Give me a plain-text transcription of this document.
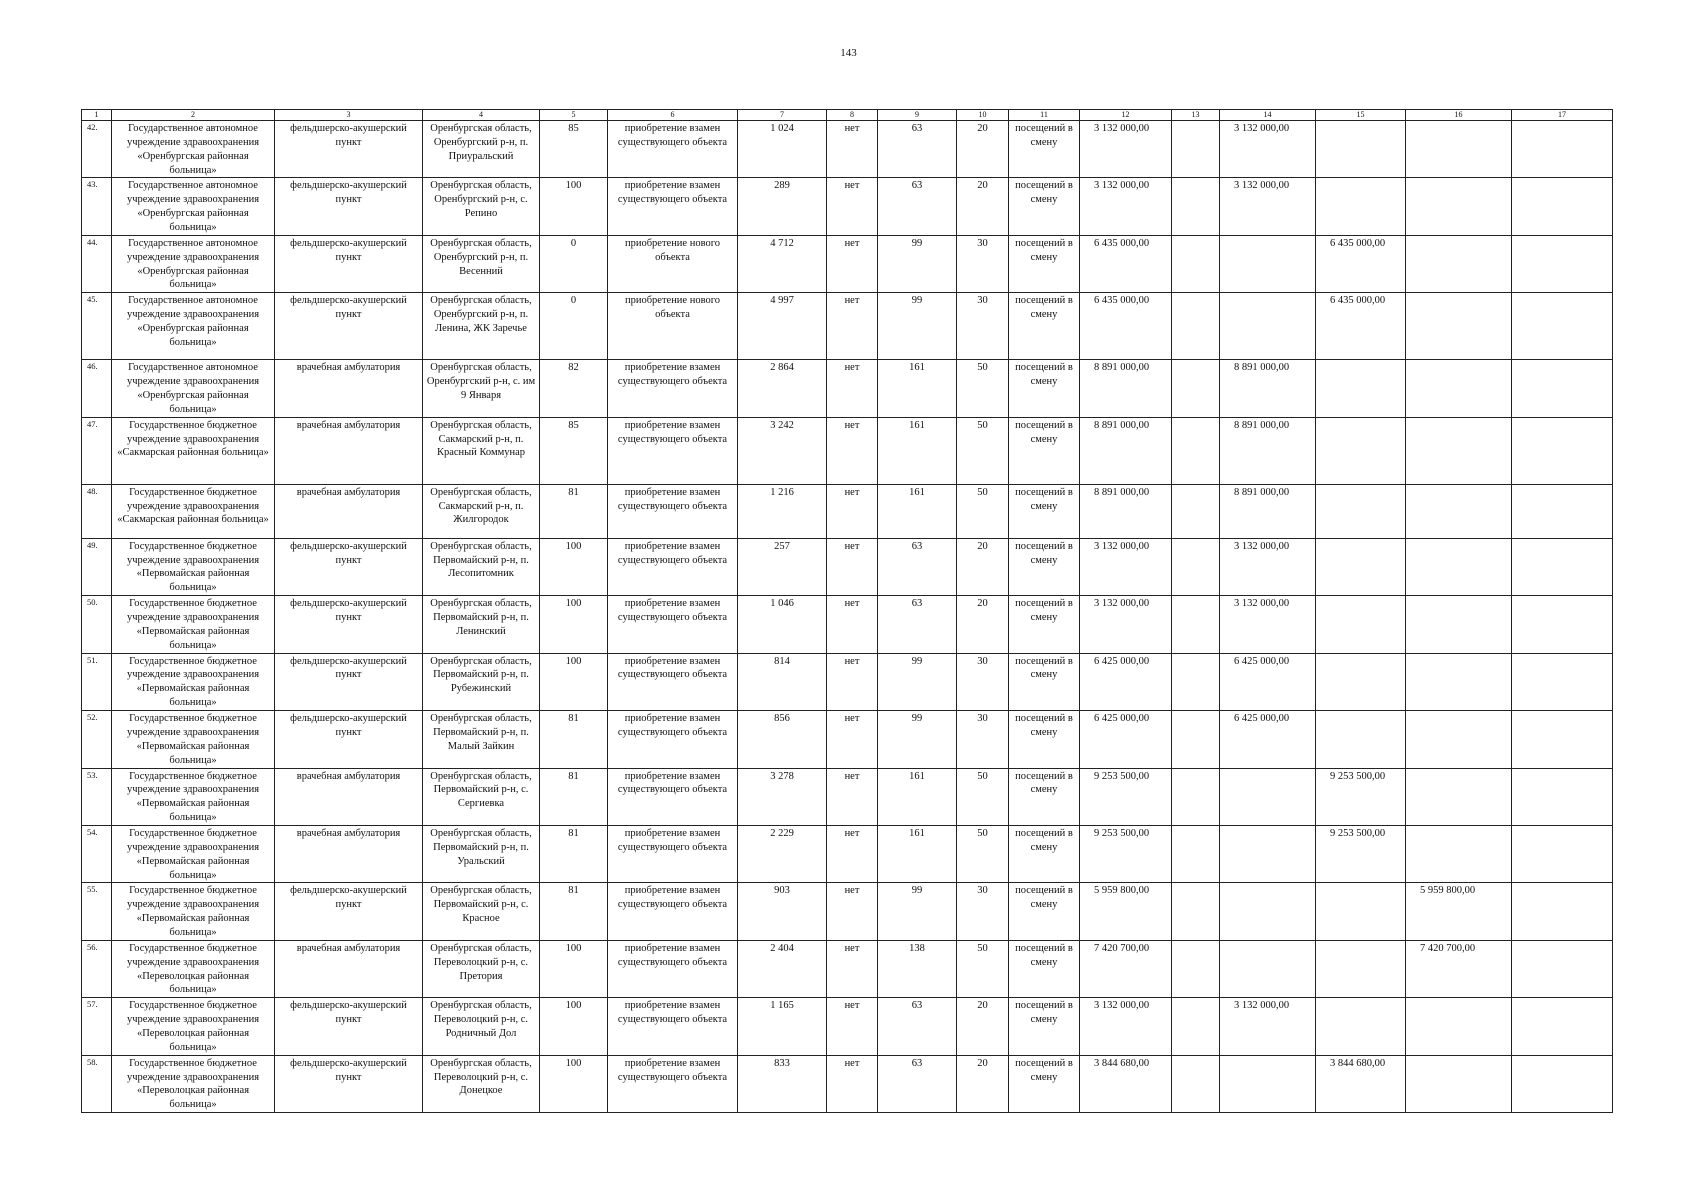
143
1	2	3	4	5	6	7	8	9	10	11	12	13	14	15	16	17

42.	Государственное автономное учреждение здравоохранения «Оренбургская районная больница»	фельдшерско-акушерский пункт	Оренбургская область, Оренбургский р-н, п. Приуральский	85	приобретение взамен существующего объекта	1 024	нет	63	20	посещений в смену	3 132 000,00		3 132 000,00			

43.	Государственное автономное учреждение здравоохранения «Оренбургская районная больница»	фельдшерско-акушерский пункт	Оренбургская область, Оренбургский р-н, с. Репино	100	приобретение взамен существующего объекта	289	нет	63	20	посещений в смену	3 132 000,00		3 132 000,00			

44.	Государственное автономное учреждение здравоохранения «Оренбургская районная больница»	фельдшерско-акушерский пункт	Оренбургская область, Оренбургский р-н, п. Весенний	0	приобретение нового объекта	4 712	нет	99	30	посещений в смену	6 435 000,00			6 435 000,00		

45.	Государственное автономное учреждение здравоохранения «Оренбургская районная больница»	фельдшерско-акушерский пункт	Оренбургская область, Оренбургский р-н, п. Ленина, ЖК Заречье	0	приобретение нового объекта	4 997	нет	99	30	посещений в смену	6 435 000,00			6 435 000,00		

46.	Государственное автономное учреждение здравоохранения «Оренбургская районная больница»	врачебная амбулатория	Оренбургская область, Оренбургский р-н, с. им 9 Января	82	приобретение взамен существующего объекта	2 864	нет	161	50	посещений в смену	8 891 000,00		8 891 000,00			

47.	Государственное бюджетное учреждение здравоохранения «Сакмарская районная больница»	врачебная амбулатория	Оренбургская область, Сакмарский р-н, п. Красный Коммунар	85	приобретение взамен существующего объекта	3 242	нет	161	50	посещений в смену	8 891 000,00		8 891 000,00			

48.	Государственное бюджетное учреждение здравоохранения «Сакмарская районная больница»	врачебная амбулатория	Оренбургская область, Сакмарский р-н, п. Жилгородок	81	приобретение взамен существующего объекта	1 216	нет	161	50	посещений в смену	8 891 000,00		8 891 000,00			

49.	Государственное бюджетное учреждение здравоохранения «Первомайская районная больница»	фельдшерско-акушерский пункт	Оренбургская область, Первомайский р-н, п. Лесопитомник	100	приобретение взамен существующего объекта	257	нет	63	20	посещений в смену	3 132 000,00		3 132 000,00			

50.	Государственное бюджетное учреждение здравоохранения «Первомайская районная больница»	фельдшерско-акушерский пункт	Оренбургская область, Первомайский р-н, п. Ленинский	100	приобретение взамен существующего объекта	1 046	нет	63	20	посещений в смену	3 132 000,00		3 132 000,00			

51.	Государственное бюджетное учреждение здравоохранения «Первомайская районная больница»	фельдшерско-акушерский пункт	Оренбургская область, Первомайский р-н, п. Рубежинский	100	приобретение взамен существующего объекта	814	нет	99	30	посещений в смену	6 425 000,00		6 425 000,00			

52.	Государственное бюджетное учреждение здравоохранения «Первомайская районная больница»	фельдшерско-акушерский пункт	Оренбургская область, Первомайский р-н, п. Малый Зайкин	81	приобретение взамен существующего объекта	856	нет	99	30	посещений в смену	6 425 000,00		6 425 000,00			

53.	Государственное бюджетное учреждение здравоохранения «Первомайская районная больница»	врачебная амбулатория	Оренбургская область, Первомайский р-н, с. Сергиевка	81	приобретение взамен существующего объекта	3 278	нет	161	50	посещений в смену	9 253 500,00			9 253 500,00		

54.	Государственное бюджетное учреждение здравоохранения «Первомайская районная больница»	врачебная амбулатория	Оренбургская область, Первомайский р-н, п. Уральский	81	приобретение взамен существующего объекта	2 229	нет	161	50	посещений в смену	9 253 500,00			9 253 500,00		

55.	Государственное бюджетное учреждение здравоохранения «Первомайская районная больница»	фельдшерско-акушерский пункт	Оренбургская область, Первомайский р-н, с. Красное	81	приобретение взамен существующего объекта	903	нет	99	30	посещений в смену	5 959 800,00				5 959 800,00	

56.	Государственное бюджетное учреждение здравоохранения «Переволоцкая районная больница»	врачебная амбулатория	Оренбургская область, Переволоцкий р-н, с. Претория	100	приобретение взамен существующего объекта	2 404	нет	138	50	посещений в смену	7 420 700,00				7 420 700,00	

57.	Государственное бюджетное учреждение здравоохранения «Переволоцкая районная больница»	фельдшерско-акушерский пункт	Оренбургская область, Переволоцкий р-н, с. Родничный Дол	100	приобретение взамен существующего объекта	1 165	нет	63	20	посещений в смену	3 132 000,00		3 132 000,00			

58.	Государственное бюджетное учреждение здравоохранения «Переволоцкая районная больница»	фельдшерско-акушерский пункт	Оренбургская область, Переволоцкий р-н, с. Донецкое	100	приобретение взамен существующего объекта	833	нет	63	20	посещений в смену	3 844 680,00			3 844 680,00		
